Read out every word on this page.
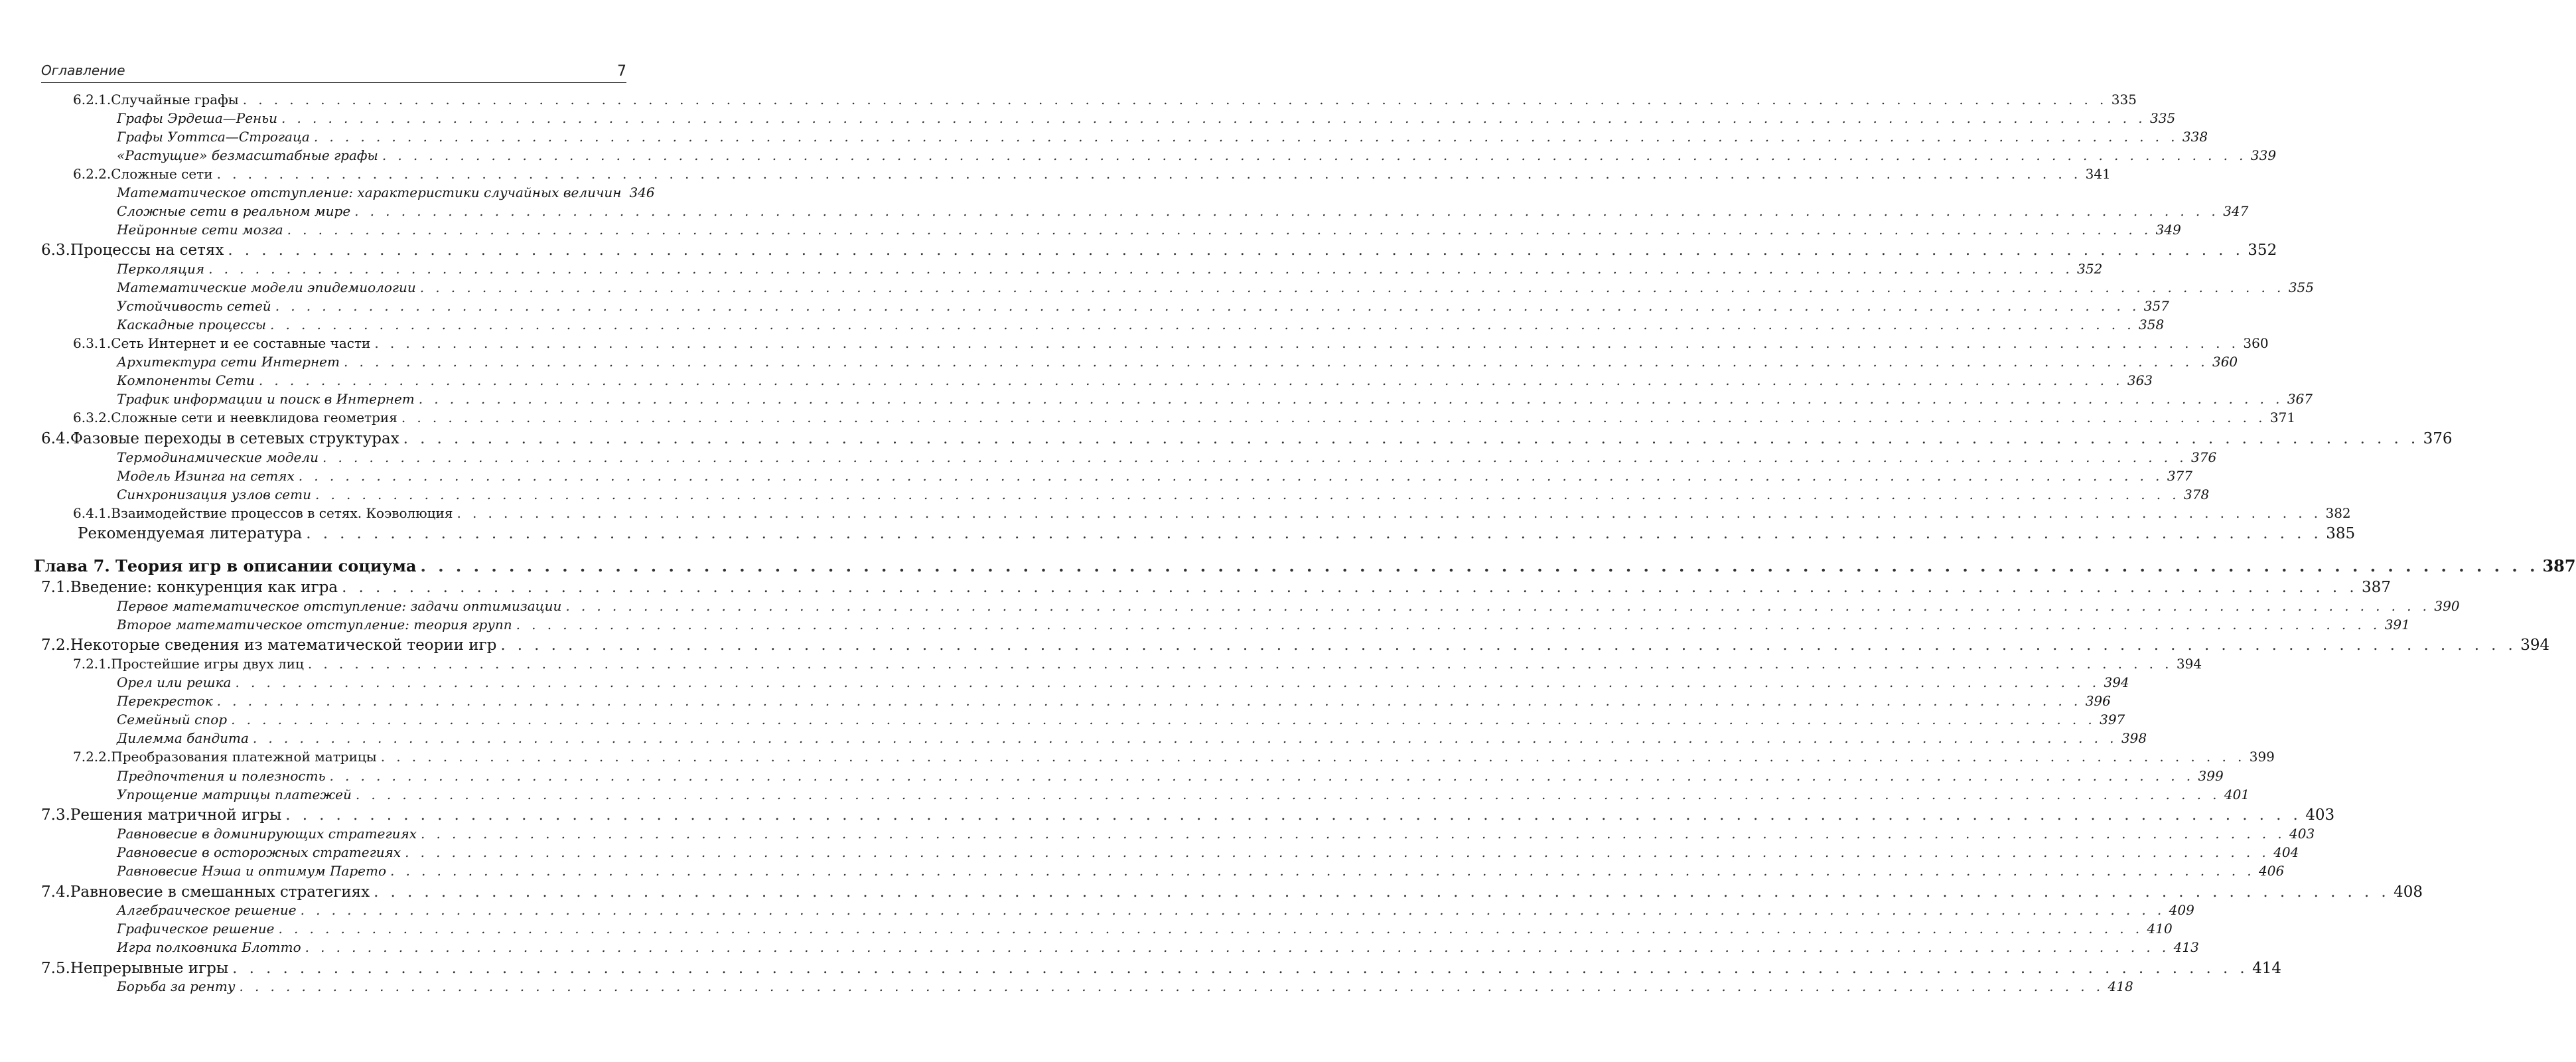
Оглавление	7
6.2.1. Случайные графы . . . . . . . . . . . . . . . . . . . . . . . . . . . . . . . . . . . . . . . . . . . . . . . . . . . . . . . . . . . . . . . . . . . . . . . . . . . . . . . . . . . . . . . . . . . . . . . . . . . . . . . . . . . . . . . . . . . . . . . . 335
Графы Эрдеша—Реньи . . . . . . . . . . . . . . . . . . . . . . . . . . . . . . . . . . . . . . . . . . . . . . . . . . . . . . . . . . . . . . . . . . . . . . . . . . . . . . . . . . . . . . . . . . . . . . . . . . . . . . . . . . . . . . . . . . . . . . . . 335
Графы Уоттса—Строгаца . . . . . . . . . . . . . . . . . . . . . . . . . . . . . . . . . . . . . . . . . . . . . . . . . . . . . . . . . . . . . . . . . . . . . . . . . . . . . . . . . . . . . . . . . . . . . . . . . . . . . . . . . . . . . . . . . . . . . . . . 338
«Растущие» безмасштабные графы . . . . . . . . . . . . . . . . . . . . . . . . . . . . . . . . . . . . . . . . . . . . . . . . . . . . . . . . . . . . . . . . . . . . . . . . . . . . . . . . . . . . . . . . . . . . . . . . . . . . . . . . . . . . . . . . . . . . . . . . 339
6.2.2. Сложные сети . . . . . . . . . . . . . . . . . . . . . . . . . . . . . . . . . . . . . . . . . . . . . . . . . . . . . . . . . . . . . . . . . . . . . . . . . . . . . . . . . . . . . . . . . . . . . . . . . . . . . . . . . . . . . . . . . . . . . . . . 341
Математическое отступление: характеристики случайных величин 346
Сложные сети в реальном мире . . . . . . . . . . . . . . . . . . . . . . . . . . . . . . . . . . . . . . . . . . . . . . . . . . . . . . . . . . . . . . . . . . . . . . . . . . . . . . . . . . . . . . . . . . . . . . . . . . . . . . . . . . . . . . . . . . . . . . . . 347
Нейронные сети мозга . . . . . . . . . . . . . . . . . . . . . . . . . . . . . . . . . . . . . . . . . . . . . . . . . . . . . . . . . . . . . . . . . . . . . . . . . . . . . . . . . . . . . . . . . . . . . . . . . . . . . . . . . . . . . . . . . . . . . . . . 349
6.3. Процессы на сетях . . . . . . . . . . . . . . . . . . . . . . . . . . . . . . . . . . . . . . . . . . . . . . . . . . . . . . . . . . . . . . . . . . . . . . . . . . . . . . . . . . . . . . . . . . . . . . . . . . . . . . . . . . . . . . . . . . . . . . . . 352
Перколяция . . . . . . . . . . . . . . . . . . . . . . . . . . . . . . . . . . . . . . . . . . . . . . . . . . . . . . . . . . . . . . . . . . . . . . . . . . . . . . . . . . . . . . . . . . . . . . . . . . . . . . . . . . . . . . . . . . . . . . . . 352
Математические модели эпидемиологии . . . . . . . . . . . . . . . . . . . . . . . . . . . . . . . . . . . . . . . . . . . . . . . . . . . . . . . . . . . . . . . . . . . . . . . . . . . . . . . . . . . . . . . . . . . . . . . . . . . . . . . . . . . . . . . . . . . . . . . . 355
Устойчивость сетей . . . . . . . . . . . . . . . . . . . . . . . . . . . . . . . . . . . . . . . . . . . . . . . . . . . . . . . . . . . . . . . . . . . . . . . . . . . . . . . . . . . . . . . . . . . . . . . . . . . . . . . . . . . . . . . . . . . . . . . . 357
Каскадные процессы . . . . . . . . . . . . . . . . . . . . . . . . . . . . . . . . . . . . . . . . . . . . . . . . . . . . . . . . . . . . . . . . . . . . . . . . . . . . . . . . . . . . . . . . . . . . . . . . . . . . . . . . . . . . . . . . . . . . . . . . 358
6.3.1. Сеть Интернет и ее составные части . . . . . . . . . . . . . . . . . . . . . . . . . . . . . . . . . . . . . . . . . . . . . . . . . . . . . . . . . . . . . . . . . . . . . . . . . . . . . . . . . . . . . . . . . . . . . . . . . . . . . . . . . . . . . . . . . . . . . . . . 360
Архитектура сети Интернет . . . . . . . . . . . . . . . . . . . . . . . . . . . . . . . . . . . . . . . . . . . . . . . . . . . . . . . . . . . . . . . . . . . . . . . . . . . . . . . . . . . . . . . . . . . . . . . . . . . . . . . . . . . . . . . . . . . . . . . . 360
Компоненты Сети . . . . . . . . . . . . . . . . . . . . . . . . . . . . . . . . . . . . . . . . . . . . . . . . . . . . . . . . . . . . . . . . . . . . . . . . . . . . . . . . . . . . . . . . . . . . . . . . . . . . . . . . . . . . . . . . . . . . . . . . 363
Трафик информации и поиск в Интернет . . . . . . . . . . . . . . . . . . . . . . . . . . . . . . . . . . . . . . . . . . . . . . . . . . . . . . . . . . . . . . . . . . . . . . . . . . . . . . . . . . . . . . . . . . . . . . . . . . . . . . . . . . . . . . . . . . . . . . . . 367
6.3.2. Сложные сети и неевклидова геометрия . . . . . . . . . . . . . . . . . . . . . . . . . . . . . . . . . . . . . . . . . . . . . . . . . . . . . . . . . . . . . . . . . . . . . . . . . . . . . . . . . . . . . . . . . . . . . . . . . . . . . . . . . . . . . . . . . . . . . . . . 371
6.4. Фазовые переходы в сетевых структурах . . . . . . . . . . . . . . . . . . . . . . . . . . . . . . . . . . . . . . . . . . . . . . . . . . . . . . . . . . . . . . . . . . . . . . . . . . . . . . . . . . . . . . . . . . . . . . . . . . . . . . . . . . . . . . . . . . . . . . . . 376
Термодинамические модели . . . . . . . . . . . . . . . . . . . . . . . . . . . . . . . . . . . . . . . . . . . . . . . . . . . . . . . . . . . . . . . . . . . . . . . . . . . . . . . . . . . . . . . . . . . . . . . . . . . . . . . . . . . . . . . . . . . . . . . . 376
Модель Изинга на сетях . . . . . . . . . . . . . . . . . . . . . . . . . . . . . . . . . . . . . . . . . . . . . . . . . . . . . . . . . . . . . . . . . . . . . . . . . . . . . . . . . . . . . . . . . . . . . . . . . . . . . . . . . . . . . . . . . . . . . . . . 377
Синхронизация узлов сети . . . . . . . . . . . . . . . . . . . . . . . . . . . . . . . . . . . . . . . . . . . . . . . . . . . . . . . . . . . . . . . . . . . . . . . . . . . . . . . . . . . . . . . . . . . . . . . . . . . . . . . . . . . . . . . . . . . . . . . . 378
6.4.1. Взаимодействие процессов в сетях. Коэволюция . . . . . . . . . . . . . . . . . . . . . . . . . . . . . . . . . . . . . . . . . . . . . . . . . . . . . . . . . . . . . . . . . . . . . . . . . . . . . . . . . . . . . . . . . . . . . . . . . . . . . . . . . . . . . . . . . . . . . . . . 382
Рекомендуемая литература . . . . . . . . . . . . . . . . . . . . . . . . . . . . . . . . . . . . . . . . . . . . . . . . . . . . . . . . . . . . . . . . . . . . . . . . . . . . . . . . . . . . . . . . . . . . . . . . . . . . . . . . . . . . . . . . . . . . . . . . 385
Глава 7. Теория игр в описании социума . . . . . . . . . . . . . . . . . . . . . . . . . . . . . . . . . . . . . . . . . . . . . . . . . . . . . . . . . . . . . . . . . . . . . . . . . . . . . . . . . . . . . . . . . . . . . . . . . . . . . . . . . . . . . . . . . . . . . . . . 387
7.1. Введение: конкуренция как игра . . . . . . . . . . . . . . . . . . . . . . . . . . . . . . . . . . . . . . . . . . . . . . . . . . . . . . . . . . . . . . . . . . . . . . . . . . . . . . . . . . . . . . . . . . . . . . . . . . . . . . . . . . . . . . . . . . . . . . . . 387
Первое математическое отступление: задачи оптимизации . . . . . . . . . . . . . . . . . . . . . . . . . . . . . . . . . . . . . . . . . . . . . . . . . . . . . . . . . . . . . . . . . . . . . . . . . . . . . . . . . . . . . . . . . . . . . . . . . . . . . . . . . . . . . . . . . . . . . . . . 390
Второе математическое отступление: теория групп . . . . . . . . . . . . . . . . . . . . . . . . . . . . . . . . . . . . . . . . . . . . . . . . . . . . . . . . . . . . . . . . . . . . . . . . . . . . . . . . . . . . . . . . . . . . . . . . . . . . . . . . . . . . . . . . . . . . . . . . 391
7.2. Некоторые сведения из математической теории игр . . . . . . . . . . . . . . . . . . . . . . . . . . . . . . . . . . . . . . . . . . . . . . . . . . . . . . . . . . . . . . . . . . . . . . . . . . . . . . . . . . . . . . . . . . . . . . . . . . . . . . . . . . . . . . . . . . . . . . . . 394
7.2.1. Простейшие игры двух лиц . . . . . . . . . . . . . . . . . . . . . . . . . . . . . . . . . . . . . . . . . . . . . . . . . . . . . . . . . . . . . . . . . . . . . . . . . . . . . . . . . . . . . . . . . . . . . . . . . . . . . . . . . . . . . . . . . . . . . . . . 394
Орел или решка . . . . . . . . . . . . . . . . . . . . . . . . . . . . . . . . . . . . . . . . . . . . . . . . . . . . . . . . . . . . . . . . . . . . . . . . . . . . . . . . . . . . . . . . . . . . . . . . . . . . . . . . . . . . . . . . . . . . . . . . 394
Перекресток . . . . . . . . . . . . . . . . . . . . . . . . . . . . . . . . . . . . . . . . . . . . . . . . . . . . . . . . . . . . . . . . . . . . . . . . . . . . . . . . . . . . . . . . . . . . . . . . . . . . . . . . . . . . . . . . . . . . . . . . 396
Семейный спор . . . . . . . . . . . . . . . . . . . . . . . . . . . . . . . . . . . . . . . . . . . . . . . . . . . . . . . . . . . . . . . . . . . . . . . . . . . . . . . . . . . . . . . . . . . . . . . . . . . . . . . . . . . . . . . . . . . . . . . . 397
Дилемма бандита . . . . . . . . . . . . . . . . . . . . . . . . . . . . . . . . . . . . . . . . . . . . . . . . . . . . . . . . . . . . . . . . . . . . . . . . . . . . . . . . . . . . . . . . . . . . . . . . . . . . . . . . . . . . . . . . . . . . . . . . 398
7.2.2. Преобразования платежной матрицы . . . . . . . . . . . . . . . . . . . . . . . . . . . . . . . . . . . . . . . . . . . . . . . . . . . . . . . . . . . . . . . . . . . . . . . . . . . . . . . . . . . . . . . . . . . . . . . . . . . . . . . . . . . . . . . . . . . . . . . . 399
Предпочтения и полезность . . . . . . . . . . . . . . . . . . . . . . . . . . . . . . . . . . . . . . . . . . . . . . . . . . . . . . . . . . . . . . . . . . . . . . . . . . . . . . . . . . . . . . . . . . . . . . . . . . . . . . . . . . . . . . . . . . . . . . . . 399
Упрощение матрицы платежей . . . . . . . . . . . . . . . . . . . . . . . . . . . . . . . . . . . . . . . . . . . . . . . . . . . . . . . . . . . . . . . . . . . . . . . . . . . . . . . . . . . . . . . . . . . . . . . . . . . . . . . . . . . . . . . . . . . . . . . . 401
7.3. Решения матричной игры . . . . . . . . . . . . . . . . . . . . . . . . . . . . . . . . . . . . . . . . . . . . . . . . . . . . . . . . . . . . . . . . . . . . . . . . . . . . . . . . . . . . . . . . . . . . . . . . . . . . . . . . . . . . . . . . . . . . . . . . 403
Равновесие в доминирующих стратегиях . . . . . . . . . . . . . . . . . . . . . . . . . . . . . . . . . . . . . . . . . . . . . . . . . . . . . . . . . . . . . . . . . . . . . . . . . . . . . . . . . . . . . . . . . . . . . . . . . . . . . . . . . . . . . . . . . . . . . . . . 403
Равновесие в осторожных стратегиях . . . . . . . . . . . . . . . . . . . . . . . . . . . . . . . . . . . . . . . . . . . . . . . . . . . . . . . . . . . . . . . . . . . . . . . . . . . . . . . . . . . . . . . . . . . . . . . . . . . . . . . . . . . . . . . . . . . . . . . . 404
Равновесие Нэша и оптимум Парето . . . . . . . . . . . . . . . . . . . . . . . . . . . . . . . . . . . . . . . . . . . . . . . . . . . . . . . . . . . . . . . . . . . . . . . . . . . . . . . . . . . . . . . . . . . . . . . . . . . . . . . . . . . . . . . . . . . . . . . . 406
7.4. Равновесие в смешанных стратегиях . . . . . . . . . . . . . . . . . . . . . . . . . . . . . . . . . . . . . . . . . . . . . . . . . . . . . . . . . . . . . . . . . . . . . . . . . . . . . . . . . . . . . . . . . . . . . . . . . . . . . . . . . . . . . . . . . . . . . . . . 408
Алгебраическое решение . . . . . . . . . . . . . . . . . . . . . . . . . . . . . . . . . . . . . . . . . . . . . . . . . . . . . . . . . . . . . . . . . . . . . . . . . . . . . . . . . . . . . . . . . . . . . . . . . . . . . . . . . . . . . . . . . . . . . . . . 409
Графическое решение . . . . . . . . . . . . . . . . . . . . . . . . . . . . . . . . . . . . . . . . . . . . . . . . . . . . . . . . . . . . . . . . . . . . . . . . . . . . . . . . . . . . . . . . . . . . . . . . . . . . . . . . . . . . . . . . . . . . . . . . 410
Игра полковника Блотто . . . . . . . . . . . . . . . . . . . . . . . . . . . . . . . . . . . . . . . . . . . . . . . . . . . . . . . . . . . . . . . . . . . . . . . . . . . . . . . . . . . . . . . . . . . . . . . . . . . . . . . . . . . . . . . . . . . . . . . . 413
7.5. Непрерывные игры . . . . . . . . . . . . . . . . . . . . . . . . . . . . . . . . . . . . . . . . . . . . . . . . . . . . . . . . . . . . . . . . . . . . . . . . . . . . . . . . . . . . . . . . . . . . . . . . . . . . . . . . . . . . . . . . . . . . . . . . 414
Борьба за ренту . . . . . . . . . . . . . . . . . . . . . . . . . . . . . . . . . . . . . . . . . . . . . . . . . . . . . . . . . . . . . . . . . . . . . . . . . . . . . . . . . . . . . . . . . . . . . . . . . . . . . . . . . . . . . . . . . . . . . . . . 418
